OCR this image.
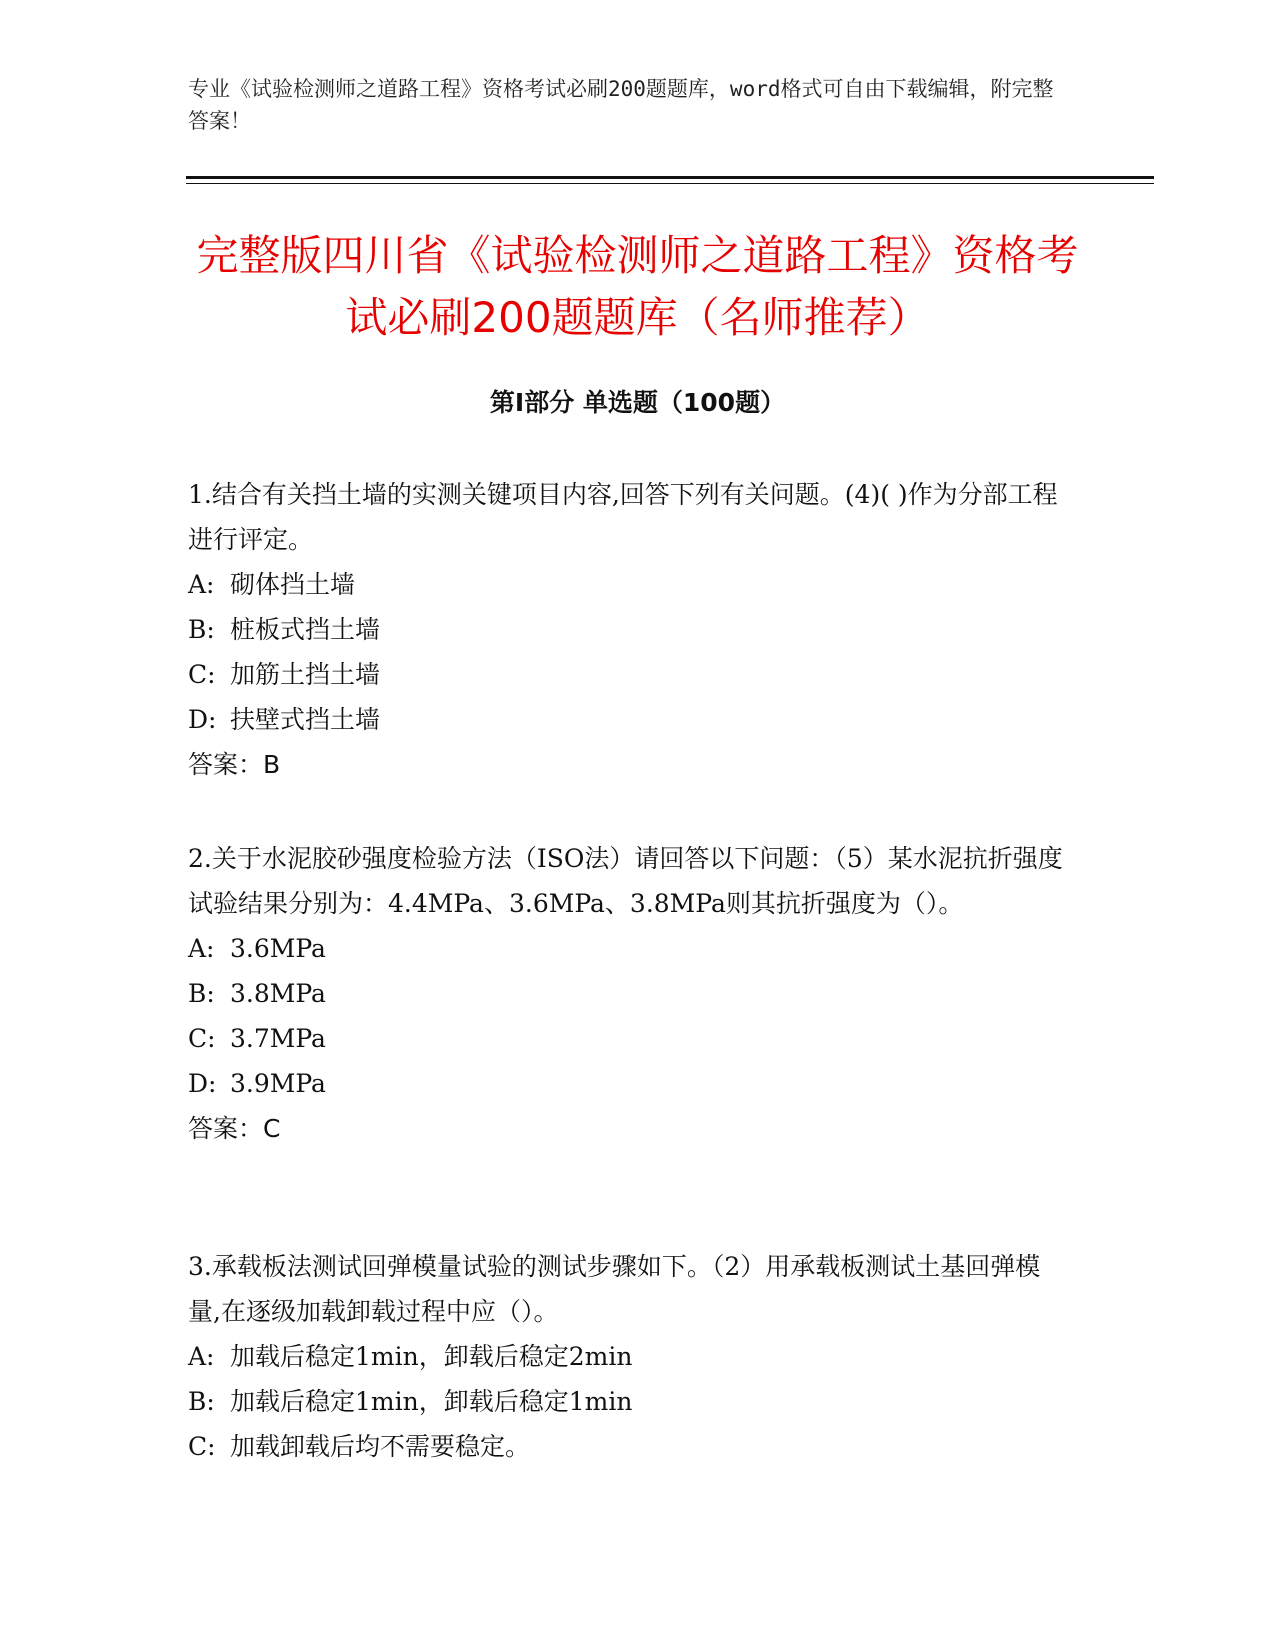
专业《试验检测师之道路工程》资格考试必刷200题题库，word格式可自由下载编辑，附完整答案！
完整版四川省《试验检测师之道路工程》资格考试必刷200题题库（名师推荐）
第Ⅰ部分 单选题（100题）

1.结合有关挡土墙的实测关键项目内容,回答下列有关问题。(4)( )作为分部工程进行评定。

A: 砌体挡土墙

B: 桩板式挡土墙

C: 加筋土挡土墙

D: 扶壁式挡土墙

答案：B

2.关于水泥胶砂强度检验方法（ISO法）请回答以下问题：（5）某水泥抗折强度试验结果分别为：4.4MPa、3.6MPa、3.8MPa则其抗折强度为（）。

A: 3.6MPa

B: 3.8MPa

C: 3.7MPa

D: 3.9MPa

答案：C

3.承载板法测试回弹模量试验的测试步骤如下。（2）用承载板测试土基回弹模量,在逐级加载卸载过程中应（）。

A: 加载后稳定1min，卸载后稳定2min

B: 加载后稳定1min，卸载后稳定1min

C: 加载卸载后均不需要稳定。
